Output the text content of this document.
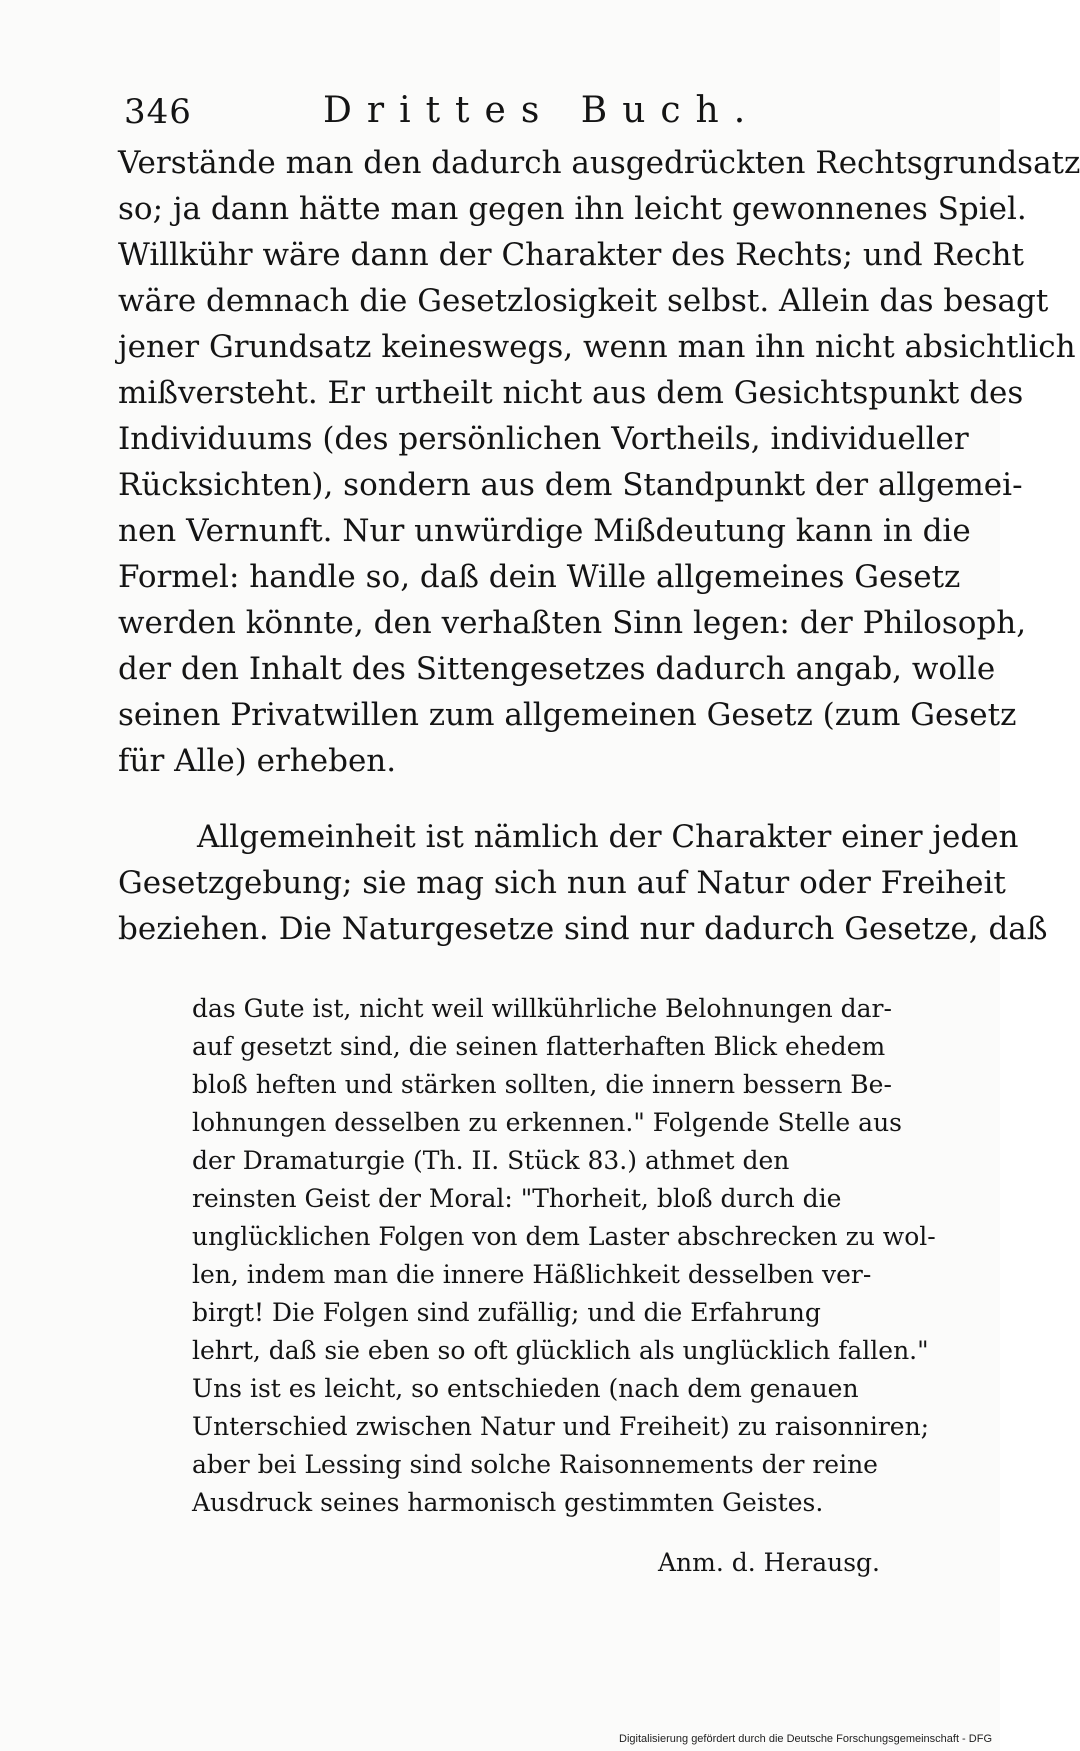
346	Drittes Buch.
Verstände man den dadurch ausgedrückten Rechtsgrundsatz
so; ja dann hätte man gegen ihn leicht gewonnenes Spiel.
Willkühr wäre dann der Charakter des Rechts; und Recht
wäre demnach die Gesetzlosigkeit selbst. Allein das besagt
jener Grundsatz keineswegs, wenn man ihn nicht absichtlich
mißversteht. Er urtheilt nicht aus dem Gesichtspunkt des
Individuums (des persönlichen Vortheils, individueller
Rücksichten), sondern aus dem Standpunkt der allgemei-
nen Vernunft. Nur unwürdige Mißdeutung kann in die
Formel: handle so, daß dein Wille allgemeines Gesetz
werden könnte, den verhaßten Sinn legen: der Philosoph,
der den Inhalt des Sittengesetzes dadurch angab, wolle
seinen Privatwillen zum allgemeinen Gesetz (zum Gesetz
für Alle) erheben.
Allgemeinheit ist nämlich der Charakter einer jeden
Gesetzgebung; sie mag sich nun auf Natur oder Freiheit
beziehen. Die Naturgesetze sind nur dadurch Gesetze, daß
das Gute ist, nicht weil willkührliche Belohnungen dar-
auf gesetzt sind, die seinen flatterhaften Blick ehedem
bloß heften und stärken sollten, die innern bessern Be-
lohnungen desselben zu erkennen." Folgende Stelle aus
der Dramaturgie (Th. II. Stück 83.) athmet den
reinsten Geist der Moral: "Thorheit, bloß durch die
unglücklichen Folgen von dem Laster abschrecken zu wol-
len, indem man die innere Häßlichkeit desselben ver-
birgt! Die Folgen sind zufällig; und die Erfahrung
lehrt, daß sie eben so oft glücklich als unglücklich fallen."
Uns ist es leicht, so entschieden (nach dem genauen
Unterschied zwischen Natur und Freiheit) zu raisonniren;
aber bei Lessing sind solche Raisonnements der reine
Ausdruck seines harmonisch gestimmten Geistes.
Anm. d. Herausg.
Digitalisierung gefördert durch die Deutsche Forschungsgemeinschaft - DFG
